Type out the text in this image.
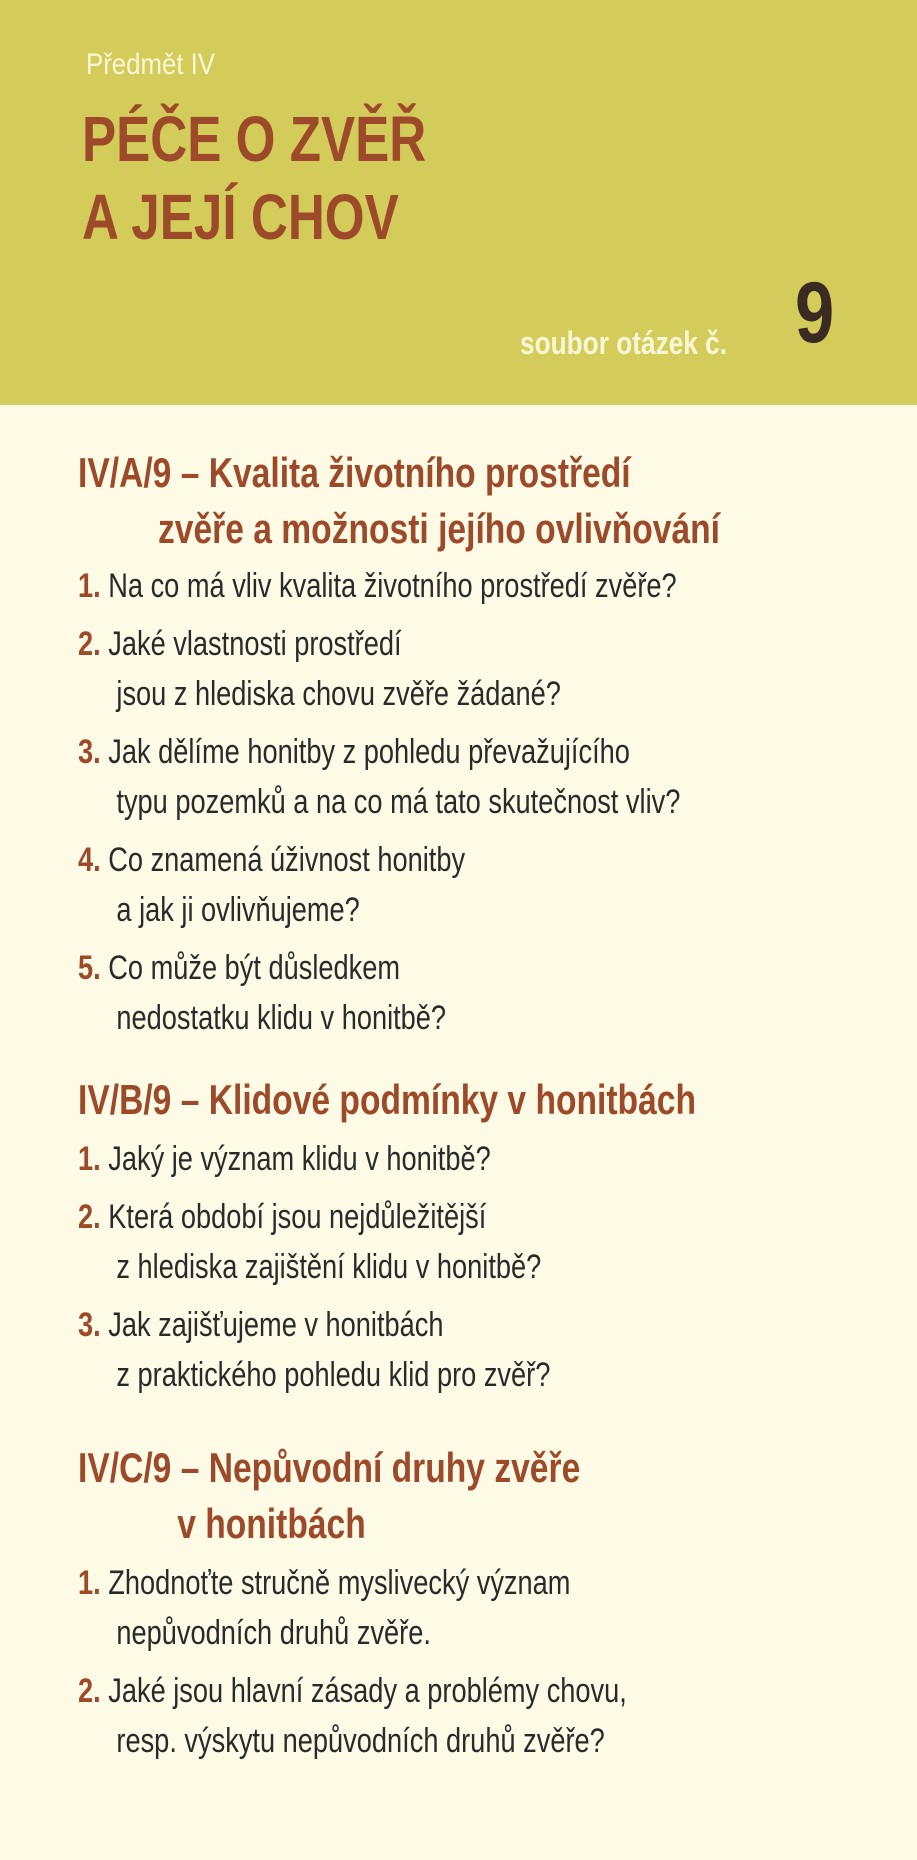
Předmět IV
PÉČE O ZVĚŘ
A JEJÍ CHOV
soubor otázek č. 9
IV/A/9 – Kvalita životního prostředí
zvěře a možnosti jejího ovlivňování
1. Na co má vliv kvalita životního prostředí zvěře?
2. Jaké vlastnosti prostředí
jsou z hlediska chovu zvěře žádané?
3. Jak dělíme honitby z pohledu převažujícího
typu pozemků a na co má tato skutečnost vliv?
4. Co znamená úživnost honitby
a jak ji ovlivňujeme?
5. Co může být důsledkem
nedostatku klidu v honitbě?
IV/B/9 – Klidové podmínky v honitbách
1. Jaký je význam klidu v honitbě?
2. Která období jsou nejdůležitější
z hlediska zajištění klidu v honitbě?
3. Jak zajišťujeme v honitbách
z praktického pohledu klid pro zvěř?
IV/C/9 – Nepůvodní druhy zvěře
v honitbách
1. Zhodnoťte stručně myslivecký význam
nepůvodních druhů zvěře.
2. Jaké jsou hlavní zásady a problémy chovu,
resp. výskytu nepůvodních druhů zvěře?
